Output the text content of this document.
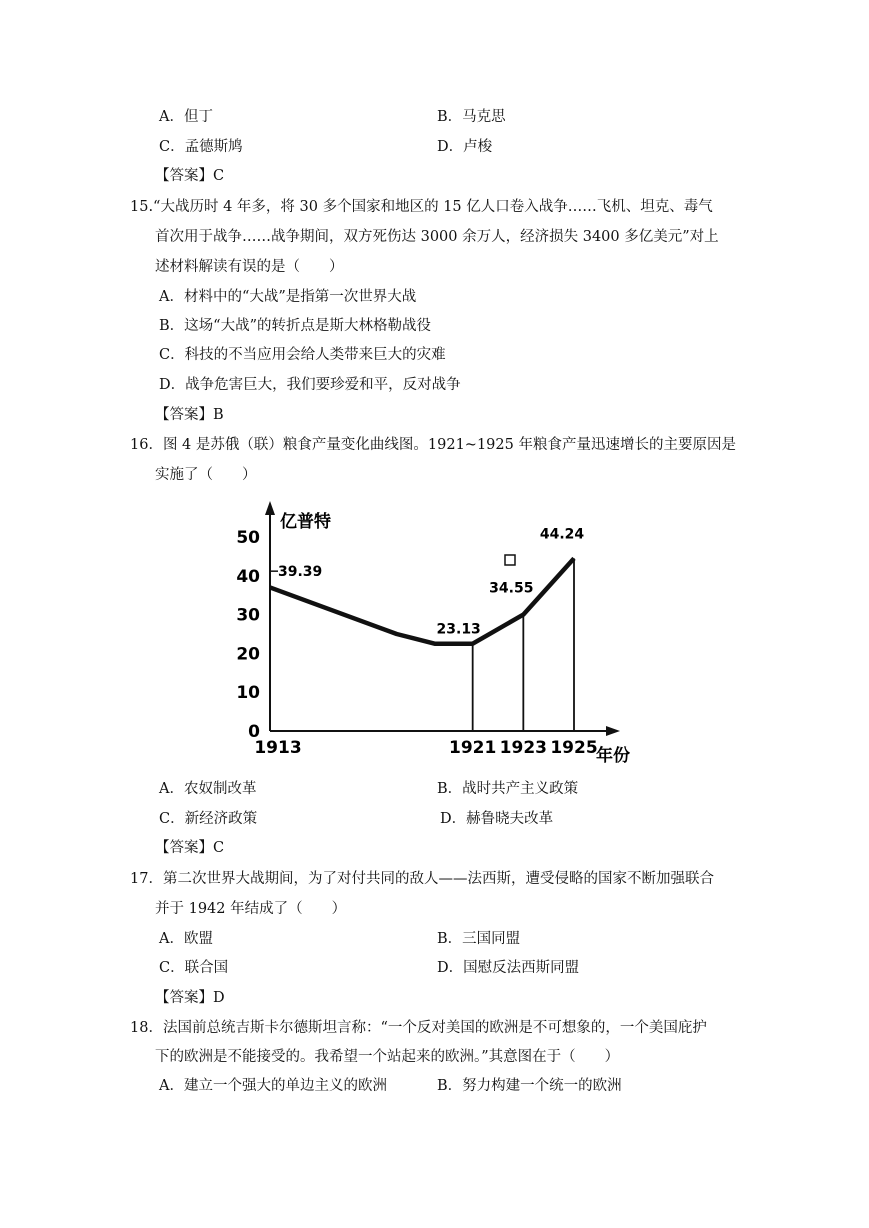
A．但丁	B．马克思
C．孟德斯鸠	D．卢梭
【答案】C
15.“大战历时 4 年多，将 30 多个国家和地区的 15 亿人口卷入战争……飞机、坦克、毒气
首次用于战争……战争期间，双方死伤达 3000 余万人，经济损失 3400 多亿美元”对上
述材料解读有误的是（　　）
A．材料中的“大战”是指第一次世界大战
B．这场“大战”的转折点是斯大林格勒战役
C．科技的不当应用会给人类带来巨大的灾难
D．战争危害巨大，我们要珍爱和平，反对战争
【答案】B
16．图 4 是苏俄（联）粮食产量变化曲线图。1921~1925 年粮食产量迅速增长的主要原因是
实施了（　　）
0
10
20
30
40
50
1913	1921 1923 1925
39.39
23.13
34.55
44.24
亿普特
年份
A．农奴制改革	B．战时共产主义政策
C．新经济政策	D．赫鲁晓夫改革
【答案】C
17．第二次世界大战期间，为了对付共同的敌人——法西斯，遭受侵略的国家不断加强联合
并于 1942 年结成了（　　）
A．欧盟	B．三国同盟
C．联合国	D．国慰反法西斯同盟
【答案】D
18．法国前总统吉斯卡尔德斯坦言称：“一个反对美国的欧洲是不可想象的，一个美国庇护
下的欧洲是不能接受的。我希望一个站起来的欧洲。”其意图在于（　　）
A．建立一个强大的单边主义的欧洲	B．努力构建一个统一的欧洲
